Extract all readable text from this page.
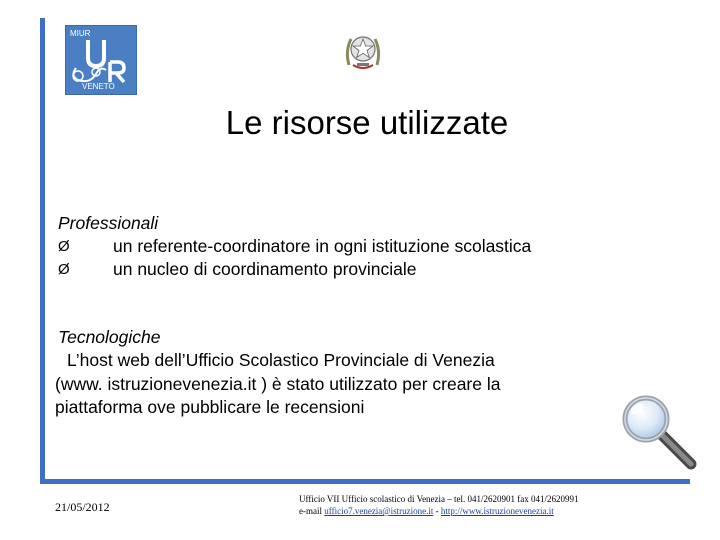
MIUR
VENETO
Le risorse utilizzate
Professionali
Ø un referente-coordinatore in ogni istituzione scolastica
Ø un nucleo di coordinamento provinciale
Tecnologiche
L’host web dell’Ufficio Scolastico Provinciale di Venezia
(www. istruzionevenezia.it ) è stato utilizzato per creare la
piattaforma ove pubblicare le recensioni
21/05/2012
Ufficio VII Ufficio scolastico di Venezia – tel. 041/2620901 fax 041/2620991
e-mail ufficio7.venezia@istruzione.it - http://www.istruzionevenezia.it
